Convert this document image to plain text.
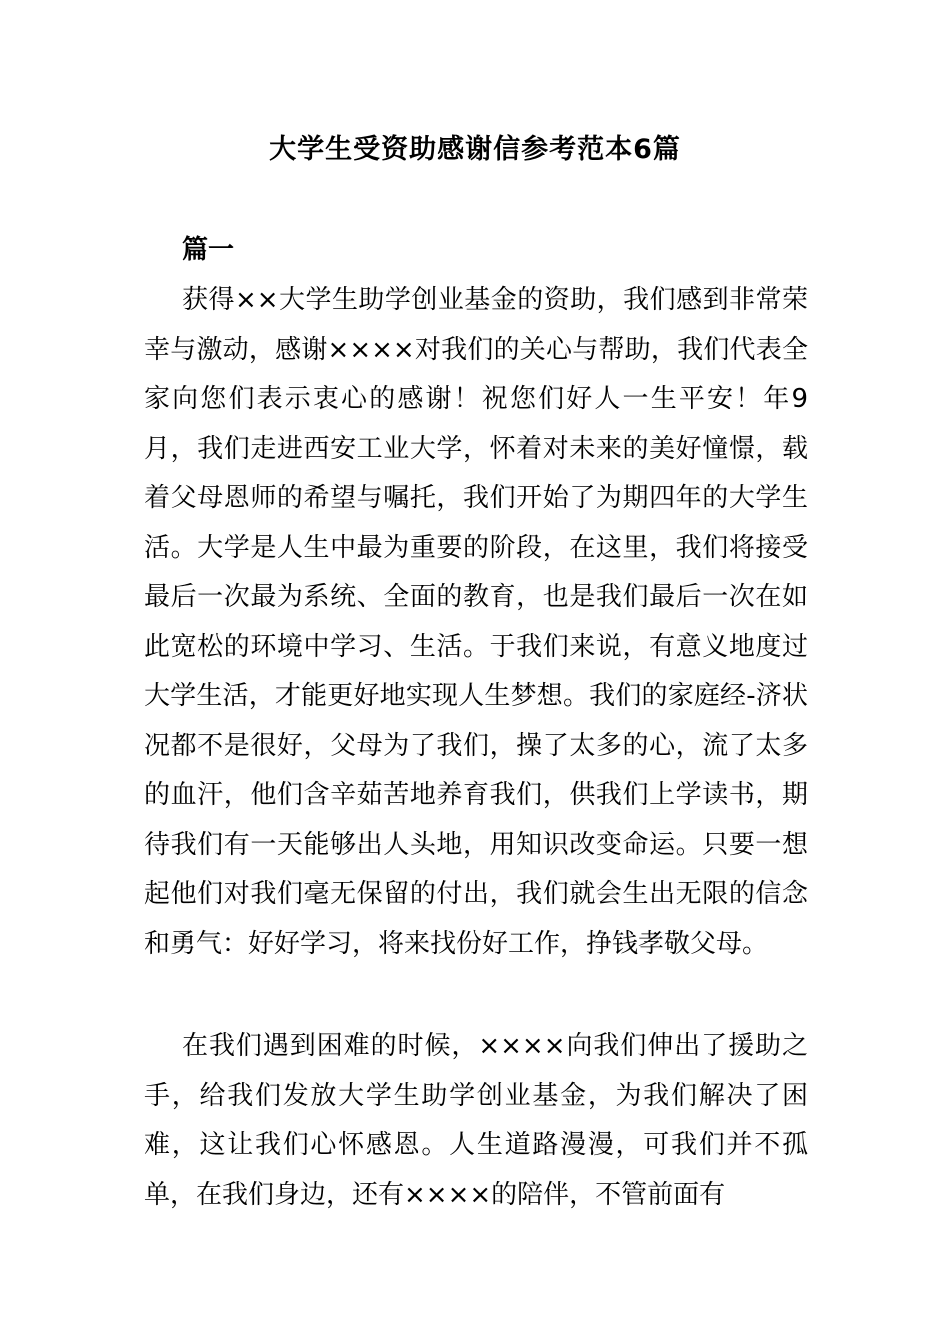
大学生受资助感谢信参考范本6篇
篇一

获得××大学生助学创业基金的资助，我们感到非常荣幸与激动，感谢××××对我们的关心与帮助，我们代表全家向您们表示衷心的感谢！祝您们好人一生平安！年9月，我们走进西安工业大学，怀着对未来的美好憧憬，载着父母恩师的希望与嘱托，我们开始了为期四年的大学生活。大学是人生中最为重要的阶段，在这里，我们将接受最后一次最为系统、全面的教育，也是我们最后一次在如此宽松的环境中学习、生活。于我们来说，有意义地度过大学生活，才能更好地实现人生梦想。我们的家庭经-济状况都不是很好，父母为了我们，操了太多的心，流了太多的血汗，他们含辛茹苦地养育我们，供我们上学读书，期待我们有一天能够出人头地，用知识改变命运。只要一想起他们对我们毫无保留的付出，我们就会生出无限的信念和勇气：好好学习，将来找份好工作，挣钱孝敬父母。

在我们遇到困难的时候，××××向我们伸出了援助之手，给我们发放大学生助学创业基金，为我们解决了困难，这让我们心怀感恩。人生道路漫漫，可我们并不孤单，在我们身边，还有××××的陪伴，不管前面有
